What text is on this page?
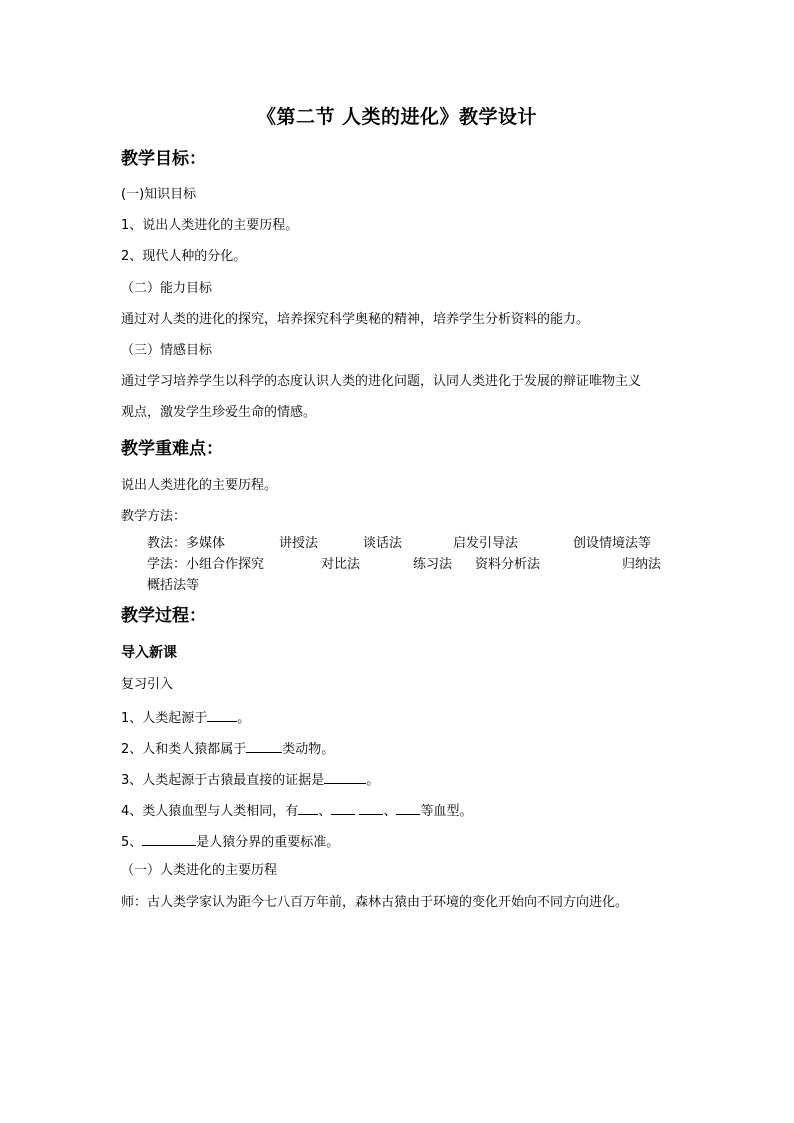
《第二节 人类的进化》教学设计
教学目标：
(一)知识目标
1、说出人类进化的主要历程。
2、现代人种的分化。
（二）能力目标
通过对人类的进化的探究，培养探究科学奥秘的精神，培养学生分析资料的能力。
（三）情感目标
通过学习培养学生以科学的态度认识人类的进化问题，认同人类进化于发展的辩证唯物主义
观点，激发学生珍爱生命的情感。
教学重难点：
说出人类进化的主要历程。
教学方法：
教法：多媒体	讲授法	谈话法	启发引导法	创设情境法等
学法：小组合作探究	对比法	练习法 资料分析法	归纳法
概括法等
教学过程：
导入新课
复习引入
1、人类起源于 。
2、人和类人猿都属于	类动物。
3、人类起源于古猿最直接的证据是	。
4、类人猿血型与人类相同，有 、	、 等血型。
5、	是人猿分界的重要标准。
（一）人类进化的主要历程
师：古人类学家认为距今七八百万年前，森林古猿由于环境的变化开始向不同方向进化。
